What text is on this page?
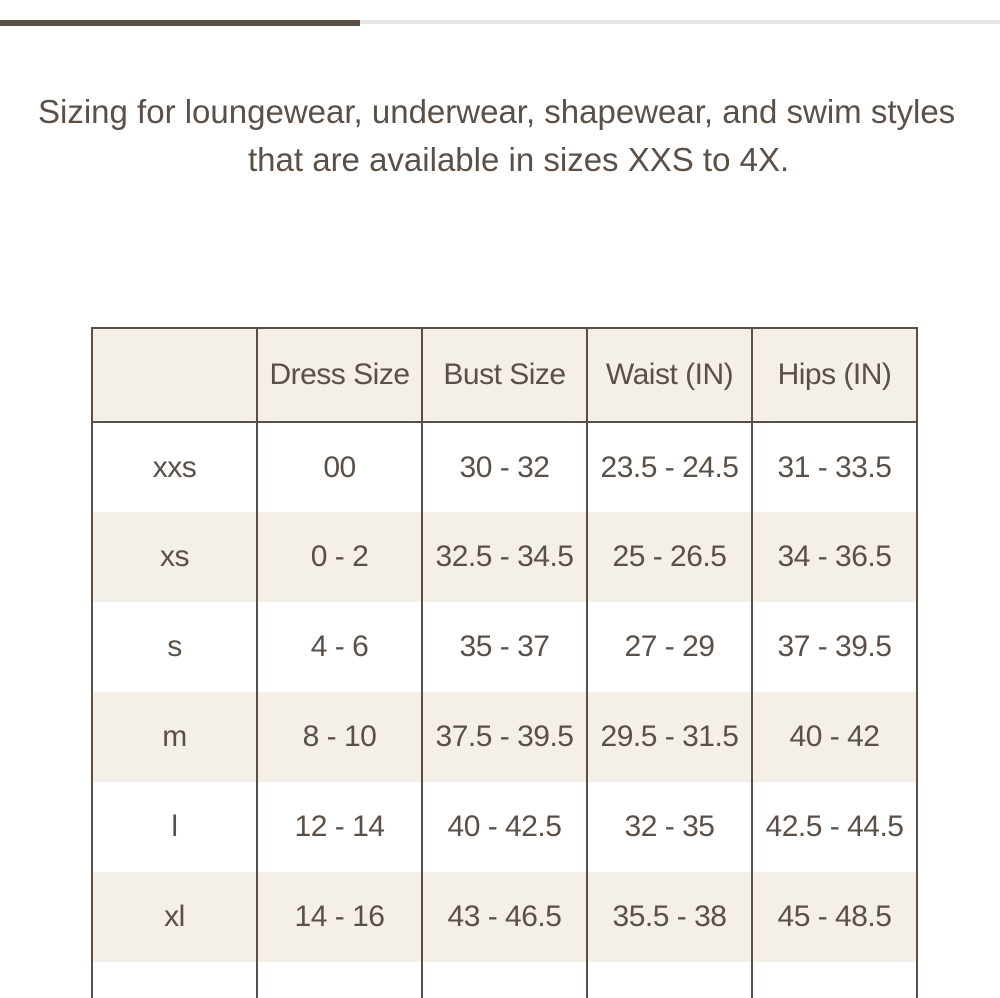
Sizing for loungewear, underwear, shapewear, and swim styles

that are available in sizes XXS to 4X.

	Dress Size	Bust Size	Waist (IN)	Hips (IN)
xxs	00	30 - 32	23.5 - 24.5	31 - 33.5
xs	0 - 2	32.5 - 34.5	25 - 26.5	34 - 36.5
s	4 - 6	35 - 37	27 - 29	37 - 39.5
m	8 - 10	37.5 - 39.5	29.5 - 31.5	40 - 42
l	12 - 14	40 - 42.5	32 - 35	42.5 - 44.5
xl	14 - 16	43 - 46.5	35.5 - 38	45 - 48.5
